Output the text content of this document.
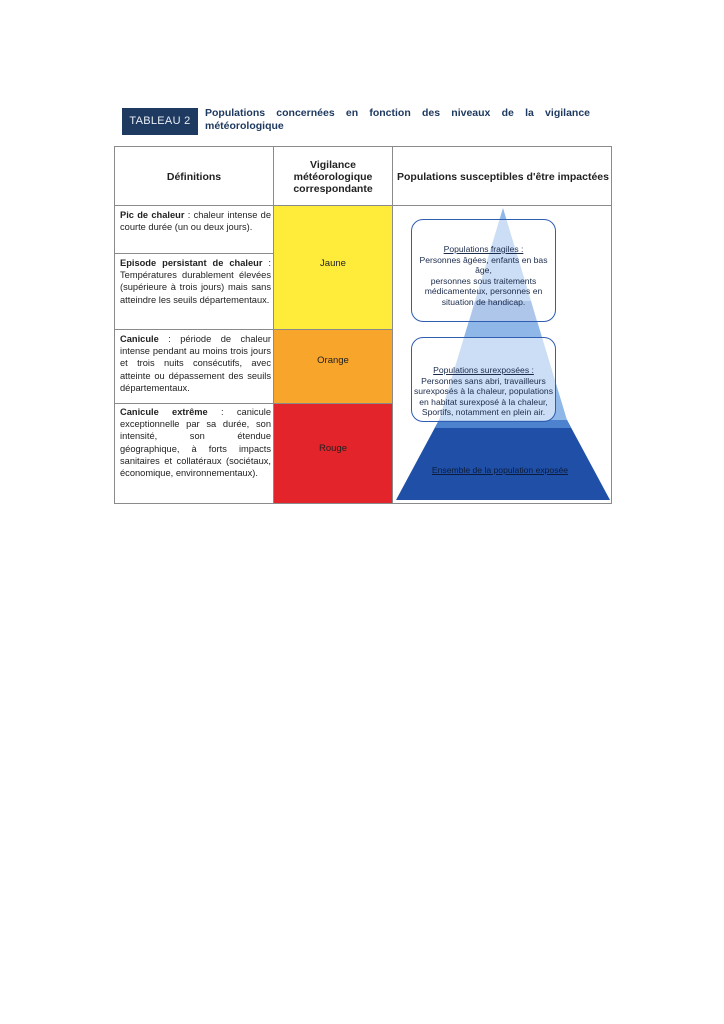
TABLEAU 2
Populations concernées en fonction des niveaux de la vigilance
météorologique
Définitions
Vigilance
météorologique
correspondante
Populations susceptibles d'être impactées
Pic de chaleur : chaleur intense de courte durée (un ou deux jours).
Episode persistant de chaleur : Températures durablement élevées (supérieure à trois jours) mais sans atteindre les seuils départementaux.
Canicule : période de chaleur intense pendant au moins trois jours et trois nuits consécutifs, avec atteinte ou dépassement des seuils départementaux.
Canicule extrême : canicule exceptionnelle par sa durée, son intensité, son étendue géographique, à forts impacts sanitaires et collatéraux (sociétaux, économique, environnementaux).
Jaune
Orange
Rouge
Populations fragiles :
Personnes âgées, enfants en bas âge,
personnes sous traitements
médicamenteux, personnes en
situation de handicap.
Populations surexposées :
Personnes sans abri, travailleurs
surexposés à la chaleur, populations
en habitat surexposé à la chaleur,
Sportifs, notamment en plein air.
Ensemble de la population exposée
